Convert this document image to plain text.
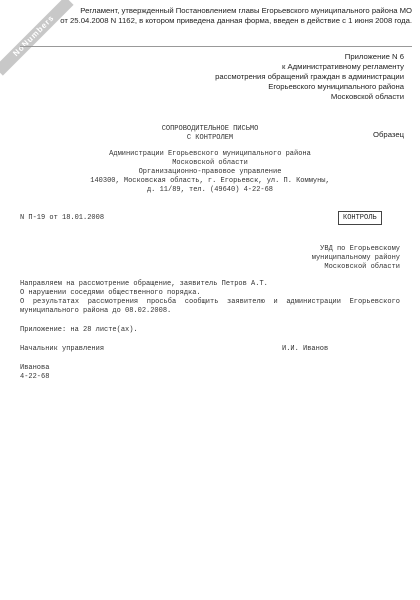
NoNumbers
Регламент, утвержденный Постановлением главы Егорьевского муниципального района МО
от 25.04.2008 N 1162, в котором приведена данная форма, введен в действие с 1 июня 2008 года.
Приложение N 6
к Административному регламенту
рассмотрения обращений граждан в администрации
Егорьевского муниципального района
Московской области
Образец
СОПРОВОДИТЕЛЬНОЕ ПИСЬМО
С КОНТРОЛЕМ
Администрации Егорьевского муниципального района
Московской области
Организационно-правовое управление
140300, Московская область, г. Егорьевск, ул. П. Коммуны,
д. 11/89, тел. (49640) 4-22-68
N П-19 от 18.01.2008	КОНТРОЛЬ
УВД по Егорьевскому
муниципальному району
Московской области

Направляем на рассмотрение обращение, заявитель Петров А.Т.

О нарушении соседями общественного порядка.

О результатах рассмотрения просьба сообщить заявителю и администрации Егорьевского муниципального района до 08.02.2008.

Приложение: на 28 листе(ах).
Начальник управления	И.И. Иванов
Иванова
4-22-68
